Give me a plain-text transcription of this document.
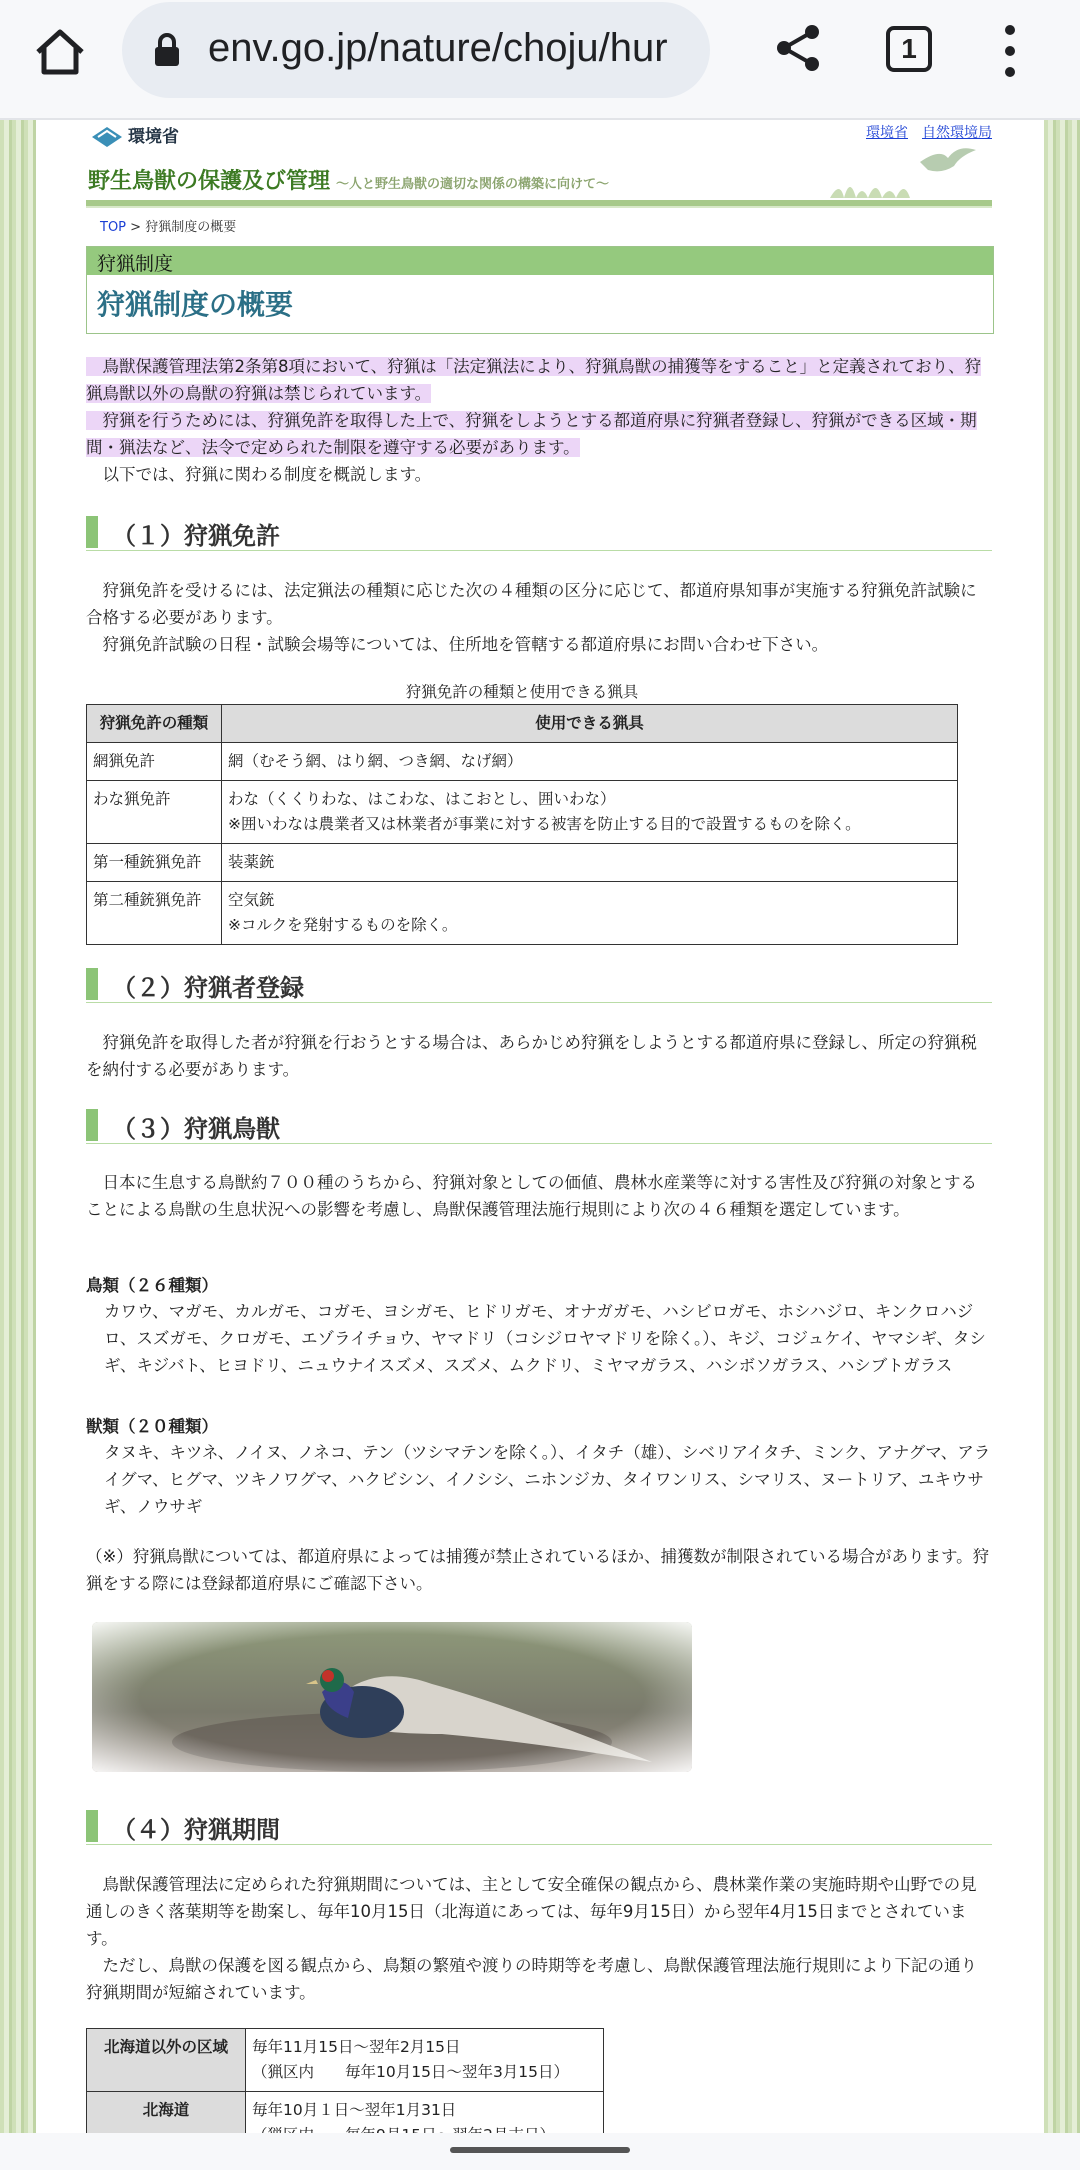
env.go.jp/nature/choju/hur	1
環境省	環境省 自然環境局
野生鳥獣の保護及び管理 〜人と野生鳥獣の適切な関係の構築に向けて〜
TOP > 狩猟制度の概要
狩猟制度
狩猟制度の概要

　鳥獣保護管理法第2条第8項において、狩猟は「法定猟法により、狩猟鳥獣の捕獲等をすること」と定義されており、狩猟鳥獣以外の鳥獣の狩猟は禁じられています。

　狩猟を行うためには、狩猟免許を取得した上で、狩猟をしようとする都道府県に狩猟者登録し、狩猟ができる区域・期間・猟法など、法令で定められた制限を遵守する必要があります。

　以下では、狩猟に関わる制度を概説します。

（１）狩猟免許

　狩猟免許を受けるには、法定猟法の種類に応じた次の４種類の区分に応じて、都道府県知事が実施する狩猟免許試験に合格する必要があります。

　狩猟免許試験の日程・試験会場等については、住所地を管轄する都道府県にお問い合わせ下さい。

狩猟免許の種類と使用できる猟具
狩猟免許の種類	使用できる猟具
網猟免許	網（むそう網、はり網、つき網、なげ網）
わな猟免許	わな（くくりわな、はこわな、はこおとし、囲いわな）
※囲いわなは農業者又は林業者が事業に対する被害を防止する目的で設置するものを除く。

第一種銃猟免許	装薬銃
第二種銃猟免許	空気銃
※コルクを発射するものを除く。
（２）狩猟者登録

　狩猟免許を取得した者が狩猟を行おうとする場合は、あらかじめ狩猟をしようとする都道府県に登録し、所定の狩猟税を納付する必要があります。

（３）狩猟鳥獣

　日本に生息する鳥獣約７００種のうちから、狩猟対象としての価値、農林水産業等に対する害性及び狩猟の対象とすることによる鳥獣の生息状況への影響を考慮し、鳥獣保護管理法施行規則により次の４６種類を選定しています。

鳥類（２６種類）

カワウ、マガモ、カルガモ、コガモ、ヨシガモ、ヒドリガモ、オナガガモ、ハシビロガモ、ホシハジロ、キンクロハジロ、スズガモ、クロガモ、エゾライチョウ、ヤマドリ（コシジロヤマドリを除く。）、キジ、コジュケイ、ヤマシギ、タシギ、キジバト、ヒヨドリ、ニュウナイスズメ、スズメ、ムクドリ、ミヤマガラス、ハシボソガラス、ハシブトガラス

獣類（２０種類）

タヌキ、キツネ、ノイヌ、ノネコ、テン（ツシマテンを除く。）、イタチ（雄）、シベリアイタチ、ミンク、アナグマ、アライグマ、ヒグマ、ツキノワグマ、ハクビシン、イノシシ、ニホンジカ、タイワンリス、シマリス、ヌートリア、ユキウサギ、ノウサギ

（※）狩猟鳥獣については、都道府県によっては捕獲が禁止されているほか、捕獲数が制限されている場合があります。狩猟をする際には登録都道府県にご確認下さい。

（４）狩猟期間

　鳥獣保護管理法に定められた狩猟期間については、主として安全確保の観点から、農林業作業の実施時期や山野での見通しのきく落葉期等を勘案し、毎年10月15日（北海道にあっては、毎年9月15日）から翌年4月15日までとされています。

　ただし、鳥獣の保護を図る観点から、鳥類の繁殖や渡りの時期等を考慮し、鳥獣保護管理法施行規則により下記の通り狩猟期間が短縮されています。

北海道以外の区域	毎年11月15日〜翌年2月15日
（猟区内　　毎年10月15日〜翌年3月15日）

北海道	毎年10月１日〜翌年1月31日
